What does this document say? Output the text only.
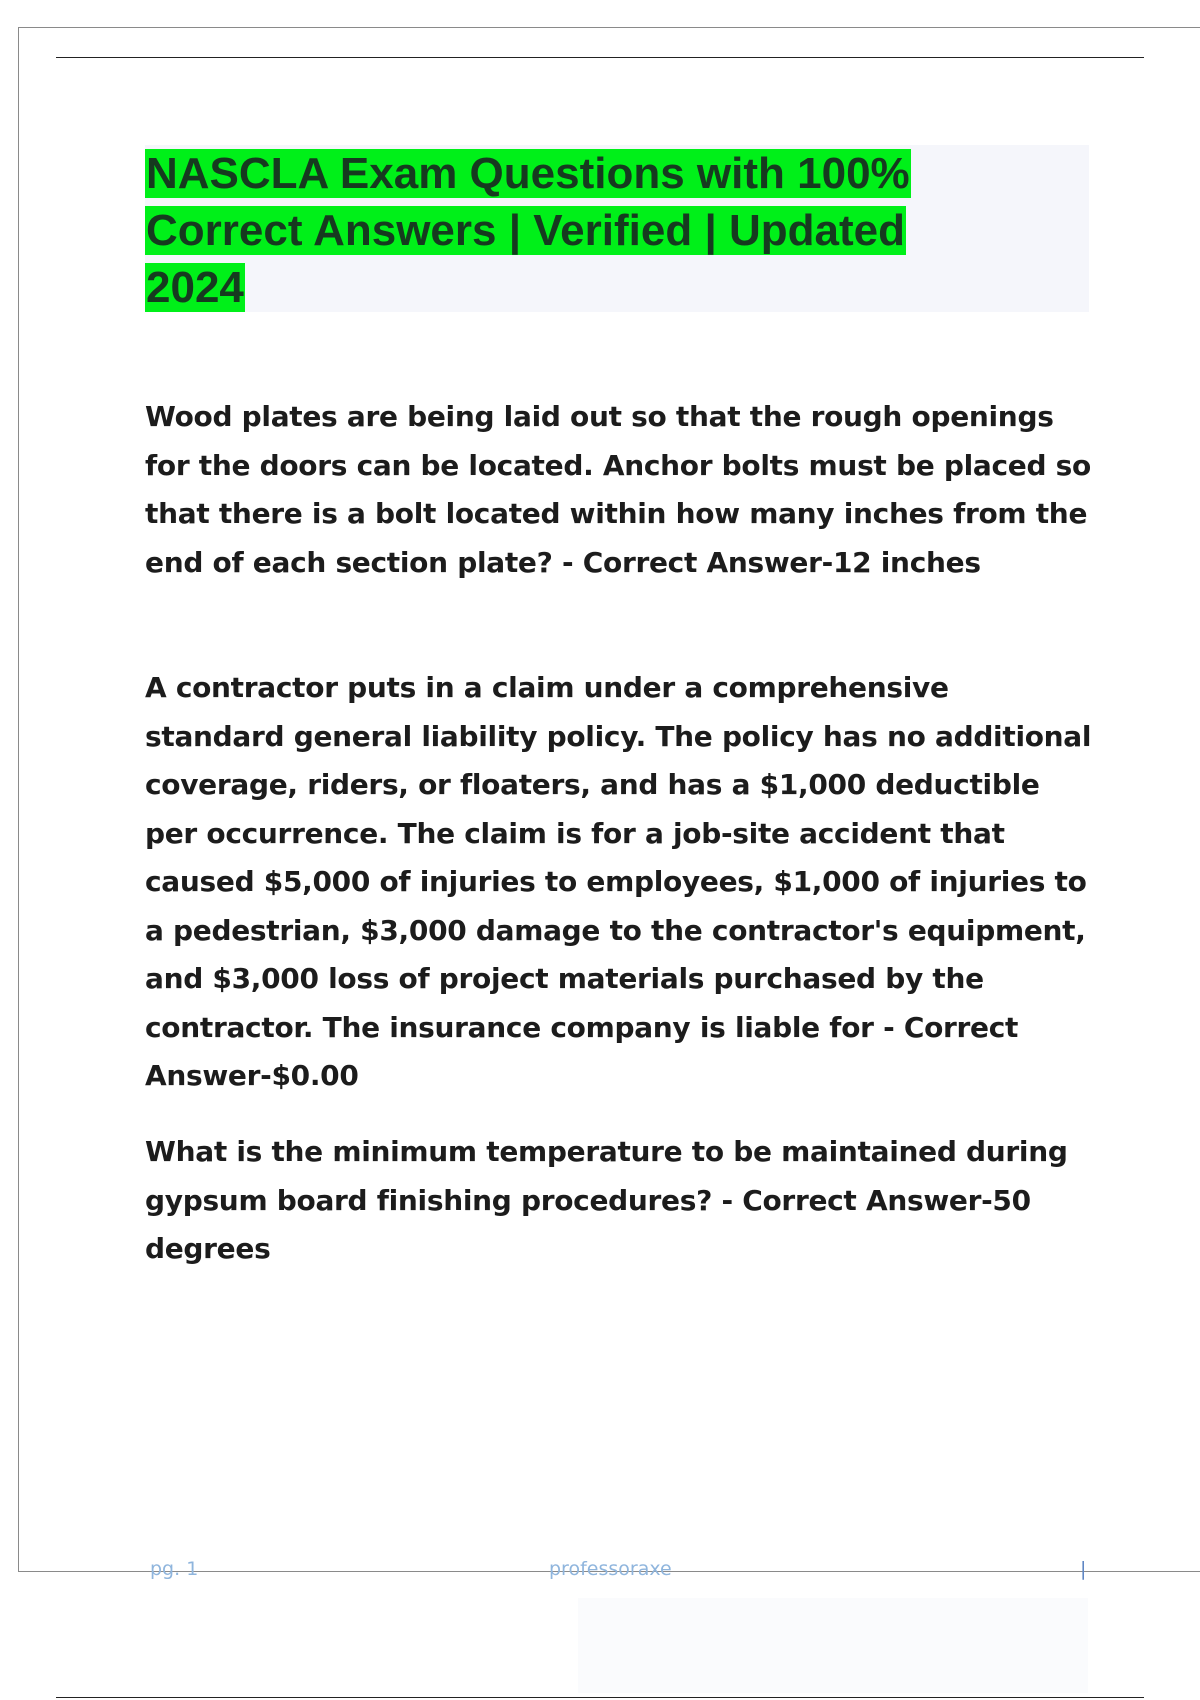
NASCLA Exam Questions with 100% Correct Answers | Verified | Updated 2024

Wood plates are being laid out so that the rough openings for the doors can be located. Anchor bolts must be placed so that there is a bolt located within how many inches from the end of each section plate? - Correct Answer-12 inches

A contractor puts in a claim under a comprehensive standard general liability policy. The policy has no additional coverage, riders, or floaters, and has a $1,000 deductible per occurrence. The claim is for a job-site accident that caused $5,000 of injuries to employees, $1,000 of injuries to a pedestrian, $3,000 damage to the contractor's equipment, and $3,000 loss of project materials purchased by the contractor. The insurance company is liable for - Correct Answer-$0.00

What is the minimum temperature to be maintained during gypsum board finishing procedures? - Correct Answer-50 degrees

pg. 1	professoraxe	|
